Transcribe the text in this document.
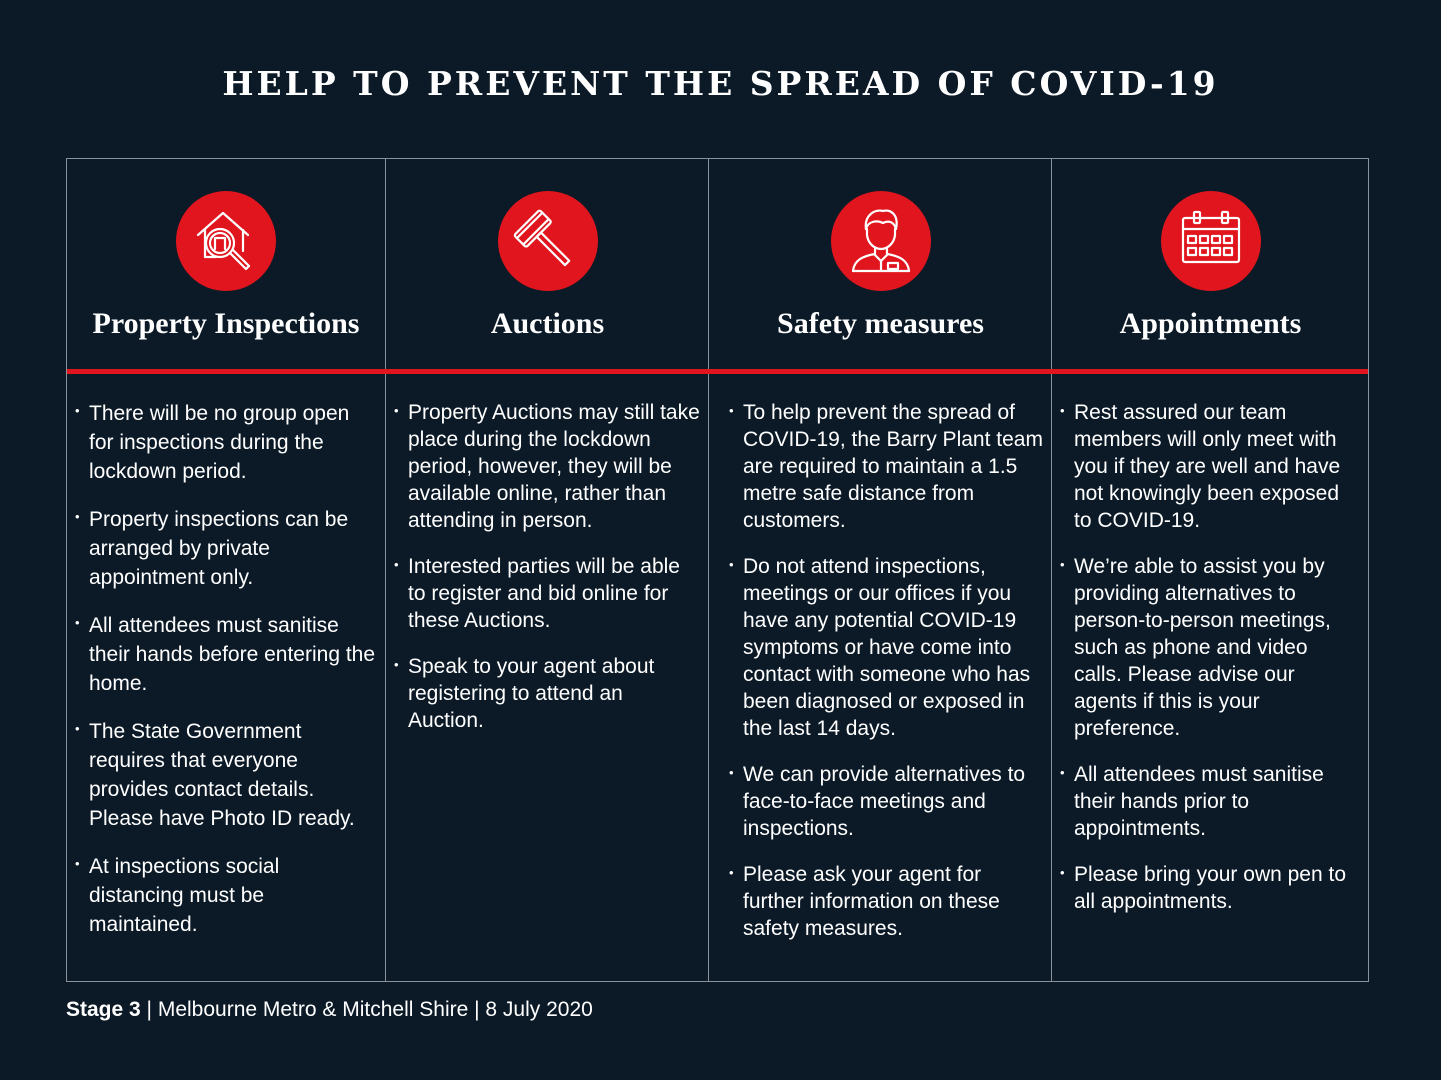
HELP TO PREVENT THE SPREAD OF COVID-19
Property Inspections
• There will be no group open for inspections during the lockdown period.
• Property inspections can be arranged by private appointment only.
• All attendees must sanitise their hands before entering the home.
• The State Government requires that everyone provides contact details. Please have Photo ID ready.
• At inspections social distancing must be maintained.
Auctions
• Property Auctions may still take place during the lockdown period, however, they will be available online, rather than attending in person.
• Interested parties will be able to register and bid online for these Auctions.
• Speak to your agent about registering to attend an Auction.
Safety measures
• To help prevent the spread of COVID-19, the Barry Plant team are required to maintain a 1.5 metre safe distance from customers.
• Do not attend inspections, meetings or our offices if you have any potential COVID-19 symptoms or have come into contact with someone who has been diagnosed or exposed in the last 14 days.
• We can provide alternatives to face-to-face meetings and inspections.
• Please ask your agent for further information on these safety measures.
Appointments
• Rest assured our team members will only meet with you if they are well and have not knowingly been exposed to COVID-19.
• We’re able to assist you by providing alternatives to person-to-person meetings, such as phone and video calls. Please advise our agents if this is your preference.
• All attendees must sanitise their hands prior to appointments.
• Please bring your own pen to all appointments.
Stage 3 | Melbourne Metro & Mitchell Shire | 8 July 2020
